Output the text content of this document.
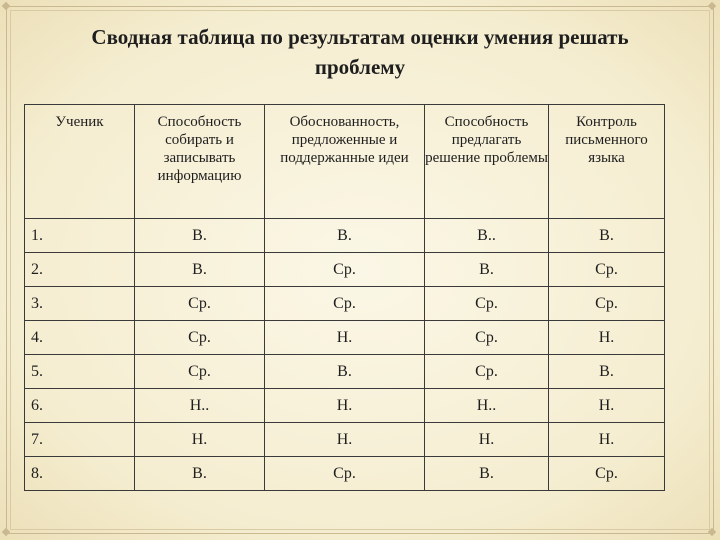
Сводная таблица по результатам оценки умения решать
проблему
Ученик	Способность собирать и записывать информацию	Обоснованность, предложенные и поддержанные идеи	Способность предлагать решение проблемы	Контроль письменного языка
1.	В.	В.	В..	В.
2.	В.	Ср.	В.	Ср.
3.	Ср.	Ср.	Ср.	Ср.
4.	Ср.	Н.	Ср.	Н.
5.	Ср.	В.	Ср.	В.
6.	Н..	Н.	Н..	Н.
7.	Н.	Н.	Н.	Н.
8.	В.	Ср.	В.	Ср.
